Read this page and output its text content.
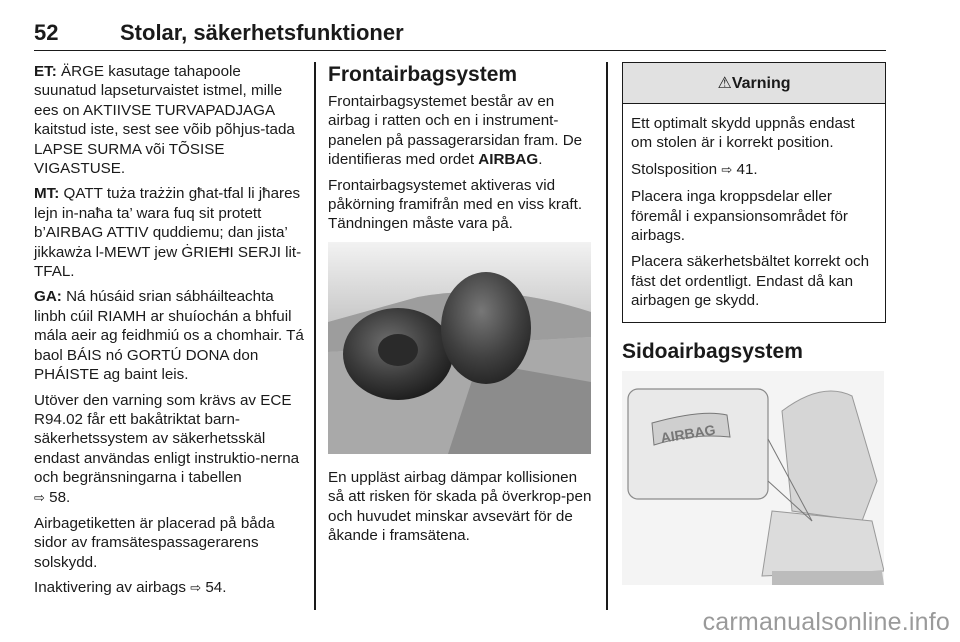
52	Stolar, säkerhetsfunktioner

ET: ÄRGE kasutage tahapoole suunatud lapseturvaistet istmel, mille ees on AKTIIVSE TURVAPADJAGA kaitstud iste, sest see võib põhjus-tada LAPSE SURMA või TÕSISE VIGASTUSE.

MT: QATT tuża trażżin għat-tfal li jħares lejn in-naħa ta’ wara fuq sit protett b’AIRBAG ATTIV quddiemu; dan jista’ jikkawża l-MEWT jew ĠRIEĦI SERJI lit-TFAL.

GA: Ná húsáid srian sábháilteachta linbh cúil RIAMH ar shuíochán a bhfuil mála aeir ag feidhmiú os a chomhair. Tá baol BÁIS nó GORTÚ DONA don PHÁISTE ag baint leis.

Utöver den varning som krävs av ECE R94.02 får ett bakåtriktat barn-säkerhetssystem av säkerhetsskäl endast användas enligt instruktio-nerna och begränsningarna i tabellen
⇨ 58.

Airbagetiketten är placerad på båda sidor av framsätespassagerarens solskydd.

Inaktivering av airbags ⇨ 54.

Frontairbagsystem

Frontairbagsystemet består av en airbag i ratten och en i instrument-panelen på passagerarsidan fram. De identifieras med ordet AIRBAG.

Frontairbagsystemet aktiveras vid påkörning framifrån med en viss kraft. Tändningen måste vara på.

En uppläst airbag dämpar kollisionen så att risken för skada på överkrop-pen och huvudet minskar avsevärt för de åkande i framsätena.

⚠Varning

Ett optimalt skydd uppnås endast om stolen är i korrekt position.

Stolsposition ⇨ 41.

Placera inga kroppsdelar eller föremål i expansionsområdet för airbags.

Placera säkerhetsbältet korrekt och fäst det ordentligt. Endast då kan airbagen ge skydd.

Sidoairbagsystem
AIRBAG
carmanualsonline.info
